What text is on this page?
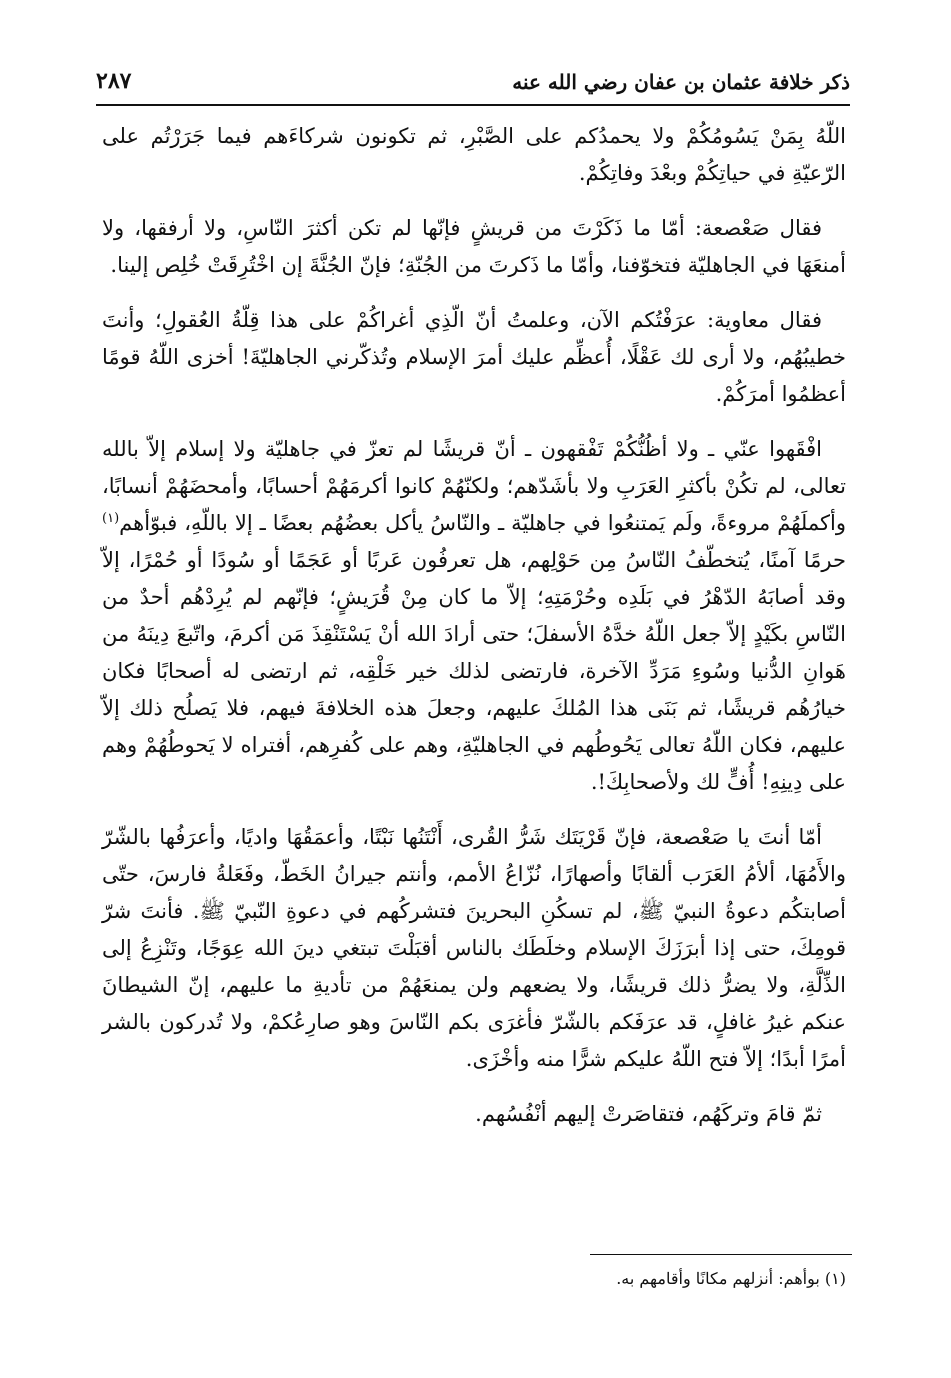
ذكر خلافة عثمان بن عفان رضي الله عنه
٢٨٧

اللّهُ بِمَنْ يَسُومُكُمْ ولا يحمدُكم على الصَّبْرِ، ثم تكونون شركاءَهم فيما جَرَرْتُم على الرّعيّةِ في حياتِكُمْ وبعْدَ وفاتِكُمْ.

فقال صَعْصعة: أمّا ما ذَكَرْتَ من قريشٍ فإنّها لم تكن أكثرَ النّاسِ، ولا أرفقها، ولا أمنعَهَا في الجاهليّة فتخوّفنا، وأمّا ما ذَكرتَ من الجُنّةِ؛ فإنّ الجُنَّةَ إن اخْتُرِقَتْ خُلِص إلينا.

فقال معاوية: عرَفْتُكم الآن، وعلمتُ أنّ الّذِي أغراكُمْ على هذا قِلّةُ العُقولِ؛ وأنتَ خطيبُهُم، ولا أرى لك عَقْلًا، أُعظِّم عليك أمرَ الإسلام وتُذكّرني الجاهليّةَ! أخزى اللّهُ قومًا أعظمُوا أمرَكُمْ.

افْقَهوا عنّي ـ ولا أظُنُّكُمْ تَفْقهون ـ أنّ قريشًا لم تعزّ في جاهليّة ولا إسلام إلاّ بالله تعالى، لم تكُنْ بأكثرِ العَرَبِ ولا بأشَدّهم؛ ولكنّهُمْ كانوا أكرمَهُمْ أحسابًا، وأمحضَهُمْ أنسابًا، وأكملَهُمْ مروءةً، ولَم يَمتنعُوا في جاهليّة ـ والنّاسُ يأكل بعضُهُم بعضًا ـ إلا باللّهِ، فبوّأهم$^{(١)}$ حرمًا آمنًا، يُتخطّفُ النّاسُ مِن حَوْلِهم، هل تعرفُون عَربًا أو عَجَمًا أو سُودًا أو حُمْرًا، إلاّ وقد أصابَهُ الدّهْرُ في بَلَدِه وحُرْمَتِهِ؛ إلاّ ما كان مِنْ قُرَيشٍ؛ فإنّهم لم يُرِدْهُم أحدٌ من النّاسِ بكَيْدٍ إلاّ جعل اللّهُ خدَّهُ الأسفلَ؛ حتى أرادَ الله أنْ يَسْتَنْقِذَ مَن أكرمَ، واتّبعَ دِينَهُ من هَوانِ الدُّنيا وسُوءِ مَرَدِّ الآخرة، فارتضى لذلك خير خَلْقِه، ثم ارتضى له أصحابًا فكان خيارُهُم قريشًا، ثم بَنَى هذا المُلكَ عليهم، وجعلَ هذه الخلافةَ فيهم، فلا يَصلُح ذلك إلاّ عليهم، فكان اللّهُ تعالى يَحُوطُهم في الجاهليّةِ، وهم على كُفرِهم، أفتراه لا يَحوطُهُمْ وهم على دِينِهِ! أُفٍّ لك ولأصحابِكَ!.

أمّا أنتَ يا صَعْصعة، فإنّ قَرْيَتَك شَرُّ القُرى، أَنْتَنُها نَبْتًا، وأعمَقُهَا واديًا، وأعرَفُها بالشّرّ والأَمُهَا، ألأمُ العَرَب ألقابًا وأصهارًا، نُزّاعُ الأمم، وأنتم جيرانُ الخَطّ، وفَعَلةُ فارسَ، حتّى أصابتكُم دعوةُ النبيّ ﷺ، لم تسكُنِ البحرينَ فتشركُهم في دعوةِ النّبيّ ﷺ. فأنتَ شرّ قومِكَ، حتى إذا أبرَزَكَ الإسلام وخلَطَك بالناس أقبَلْتَ تبتغي دينَ الله عِوَجًا، وتَنْزِعُ إلى الذِّلَّةِ، ولا يضرُّ ذلك قريشًا، ولا يضعهم ولن يمنعَهُمْ من تأديةِ ما عليهم، إنّ الشيطانَ عنكم غيرُ غافلٍ، قد عرَفَكم بالشّرّ فأغرَى بكم النّاسَ وهو صارِعُكمْ، ولا تُدركون بالشر أمرًا أبدًا؛ إلاّ فتح اللّهُ عليكم شرًّا منه وأخْزَى.

ثمّ قامَ وتركَهُم، فتقاصَرتْ إليهم أنْفُسُهم.

(١) بوأهم: أنزلهم مكانًا وأقامهم به.
